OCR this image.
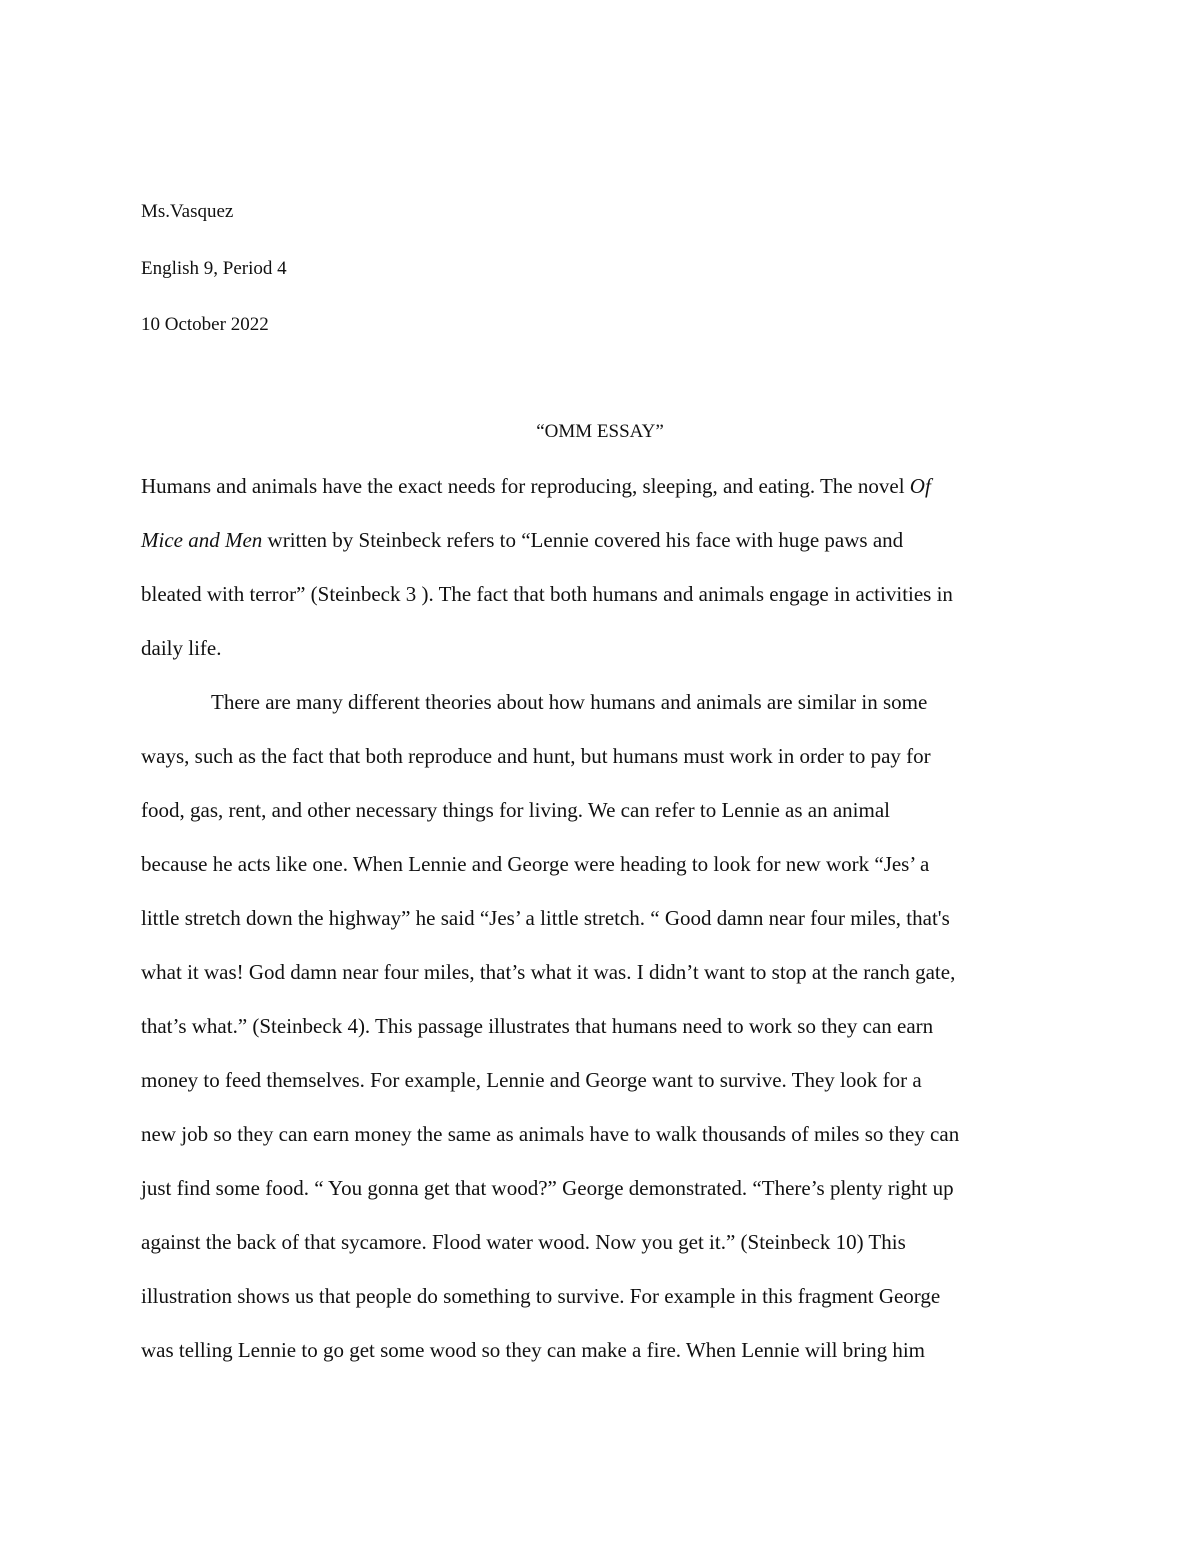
Ms.Vasquez
English 9, Period 4
10 October 2022
“OMM ESSAY”
Humans and animals have the exact needs for reproducing, sleeping, and eating. The novel Of
Mice and Men written by Steinbeck refers to “Lennie covered his face with huge paws and
bleated with terror” (Steinbeck 3 ). The fact that both humans and animals engage in activities in
daily life.
There are many different theories about how humans and animals are similar in some
ways, such as the fact that both reproduce and hunt, but humans must work in order to pay for
food, gas, rent, and other necessary things for living. We can refer to Lennie as an animal
because he acts like one. When Lennie and George were heading to look for new work “Jes’ a
little stretch down the highway” he said “Jes’ a little stretch. “ Good damn near four miles, that's
what it was! God damn near four miles, that’s what it was. I didn’t want to stop at the ranch gate,
that’s what.” (Steinbeck 4). This passage illustrates that humans need to work so they can earn
money to feed themselves. For example, Lennie and George want to survive. They look for a
new job so they can earn money the same as animals have to walk thousands of miles so they can
just find some food. “ You gonna get that wood?” George demonstrated. “There’s plenty right up
against the back of that sycamore. Flood water wood. Now you get it.” (Steinbeck 10) This
illustration shows us that people do something to survive. For example in this fragment George
was telling Lennie to go get some wood so they can make a fire. When Lennie will bring him
